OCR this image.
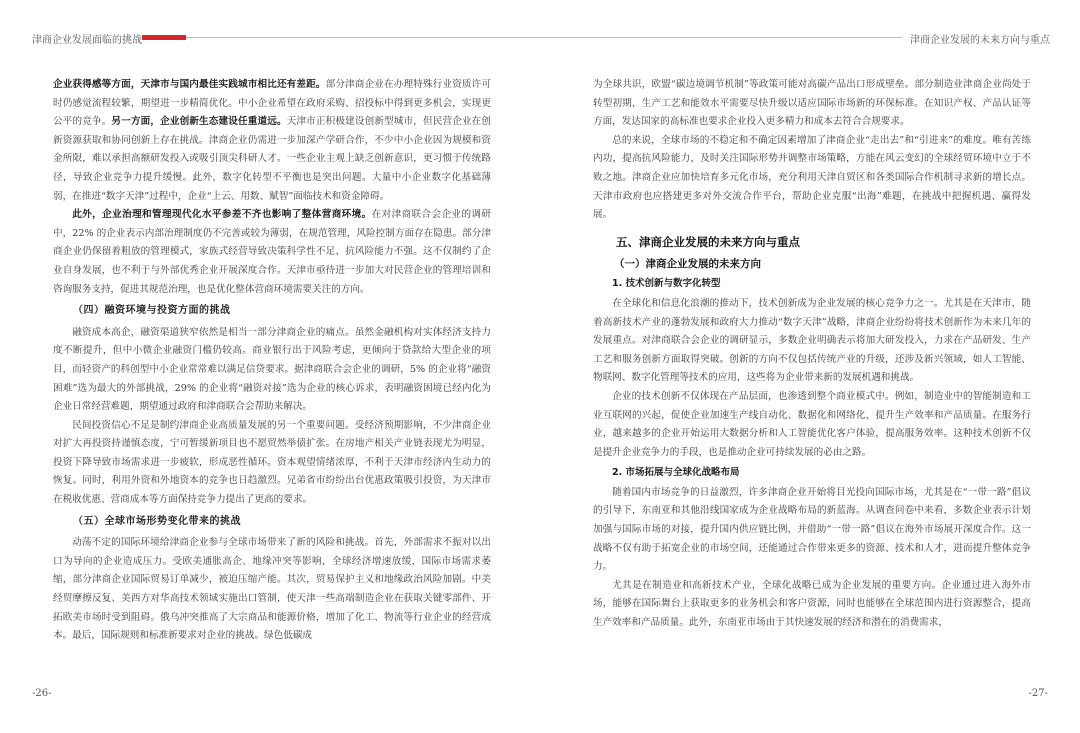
津商企业发展面临的挑战	津商企业发展的未来方向与重点

企业获得感等方面，天津市与国内最佳实践城市相比还有差距。部分津商企业在办理特殊行业资质许可时仍感觉流程较繁，期望进一步精简优化。中小企业希望在政府采购、招投标中得到更多机会，实现更公平的竞争。另一方面，企业创新生态建设任重道远。天津市正积极建设创新型城市，但民营企业在创新资源获取和协同创新上存在挑战。津商企业仍需进一步加深产学研合作，不少中小企业因为规模和资金所限，难以承担高额研发投入或吸引顶尖科研人才。一些企业主观上缺乏创新意识，更习惯于传统路径，导致企业竞争力提升缓慢。此外，数字化转型不平衡也是突出问题。大量中小企业数字化基础薄弱，在推进“数字天津”过程中，企业“上云、用数、赋智”面临技术和资金障碍。

此外，企业治理和管理现代化水平参差不齐也影响了整体营商环境。在对津商联合会企业的调研中，22% 的企业表示内部治理制度仍不完善或较为薄弱，在规范管理，风险控制方面存在隐患。部分津商企业仍保留着粗放的管理模式，家族式经营导致决策科学性不足、抗风险能力不强。这不仅制约了企业自身发展，也不利于与外部优秀企业开展深度合作。天津市亟待进一步加大对民营企业的管理培训和咨询服务支持，促进其规范治理，也是优化整体营商环境需要关注的方向。

（四）融资环境与投资方面的挑战

融资成本高企，融资渠道狭窄依然是相当一部分津商企业的痛点。虽然金融机构对实体经济支持力度不断提升，但中小微企业融资门槛仍较高。商业银行出于风险考虑，更倾向于贷款给大型企业的项目，而轻资产的科创型中小企业常常难以满足信贷要求。据津商联合会企业的调研，5% 的企业将“融资困难”选为最大的外部挑战，29% 的企业将“融资对接”选为企业的核心诉求，表明融资困境已经内化为企业日常经营难题，期望通过政府和津商联合会帮助来解决。

民间投资信心不足是制约津商企业高质量发展的另一个重要问题。受经济预期影响，不少津商企业对扩大再投资持谨慎态度，宁可暂缓新项目也不愿贸然举债扩张。在房地产相关产业链表现尤为明显，投资下降导致市场需求进一步疲软，形成恶性循环。资本观望情绪浓厚，不利于天津市经济内生动力的恢复。同时，利用外资和外地资本的竞争也日趋激烈。兄弟省市纷纷出台优惠政策吸引投资，为天津市在税收优惠、营商成本等方面保持竞争力提出了更高的要求。

（五）全球市场形势变化带来的挑战

动荡不定的国际环境给津商企业参与全球市场带来了新的风险和挑战。首先，外部需求不振对以出口为导向的企业造成压力。受欧美通胀高企、地缘冲突等影响，全球经济增速放缓，国际市场需求萎缩，部分津商企业国际贸易订单减少，被迫压缩产能。其次，贸易保护主义和地缘政治风险加剧。中美经贸摩擦反复、美西方对华高技术领域实施出口管制，使天津一些高端制造企业在获取关键零部件、开拓欧美市场时受到阻碍。俄乌冲突推高了大宗商品和能源价格，增加了化工、物流等行业企业的经营成本。最后，国际规则和标准新要求对企业的挑战。绿色低碳成

为全球共识，欧盟“碳边境调节机制”等政策可能对高碳产品出口形成壁垒。部分制造业津商企业尚处于转型初期，生产工艺和能效水平需要尽快升级以适应国际市场新的环保标准。在知识产权、产品认证等方面，发达国家的高标准也要求企业投入更多精力和成本去符合合规要求。

总的来说，全球市场的不稳定和不确定因素增加了津商企业“走出去”和“引进来”的难度。唯有苦练内功，提高抗风险能力，及时关注国际形势并调整市场策略，方能在风云变幻的全球经贸环境中立于不败之地。津商企业应加快培育多元化市场，充分利用天津自贸区和各类国际合作机制寻求新的增长点。天津市政府也应搭建更多对外交流合作平台，帮助企业克服“出海”难题，在挑战中把握机遇、赢得发展。

五、津商企业发展的未来方向与重点
（一）津商企业发展的未来方向
1. 技术创新与数字化转型

在全球化和信息化浪潮的推动下，技术创新成为企业发展的核心竞争力之一。尤其是在天津市，随着高新技术产业的蓬勃发展和政府大力推动“数字天津”战略，津商企业纷纷将技术创新作为未来几年的发展重点。对津商联合会企业的调研显示，多数企业明确表示将加大研发投入，力求在产品研发、生产工艺和服务创新方面取得突破。创新的方向不仅包括传统产业的升级，还涉及新兴领域，如人工智能、物联网、数字化管理等技术的应用，这些将为企业带来新的发展机遇和挑战。

企业的技术创新不仅体现在产品层面，也渗透到整个商业模式中。例如，制造业中的智能制造和工业互联网的兴起，促使企业加速生产线自动化、数据化和网络化，提升生产效率和产品质量。在服务行业，越来越多的企业开始运用大数据分析和人工智能优化客户体验，提高服务效率。这种技术创新不仅是提升企业竞争力的手段，也是推动企业可持续发展的必由之路。

2. 市场拓展与全球化战略布局

随着国内市场竞争的日益激烈，许多津商企业开始将目光投向国际市场，尤其是在“一带一路”倡议的引导下，东南亚和其他沿线国家成为企业战略布局的新蓝海。从调查问卷中来看，多数企业表示计划加强与国际市场的对接，提升国内供应链比例，并借助“一带一路”倡议在海外市场展开深度合作。这一战略不仅有助于拓宽企业的市场空间，还能通过合作带来更多的资源、技术和人才，进而提升整体竞争力。

尤其是在制造业和高新技术产业，全球化战略已成为企业发展的重要方向。企业通过进入海外市场，能够在国际舞台上获取更多的业务机会和客户资源，同时也能够在全球范围内进行资源整合，提高生产效率和产品质量。此外，东南亚市场由于其快速发展的经济和潜在的消费需求，

-26-	-27-
